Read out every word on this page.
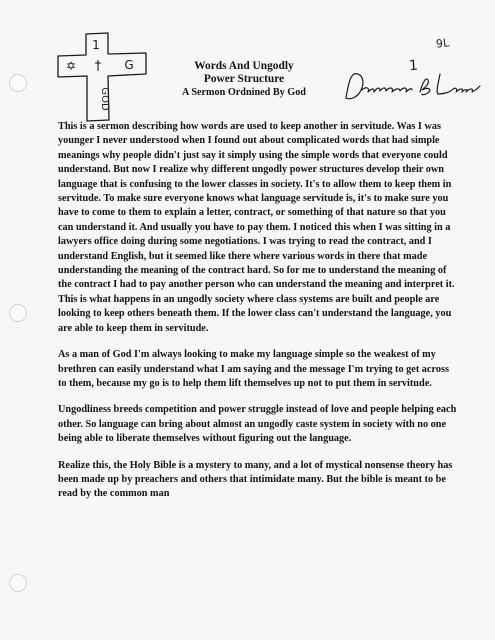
1
†
✡	G
GOD
Words And Ungodly
Power Structure
A Sermon Ordnined By God
9L
1

This is a sermon describing how words are used to keep another in servitude. Was I was younger I never understood when I found out about complicated words that had simple meanings why people didn't just say it simply using the simple words that everyone could understand. But now I realize why different ungodly power structures develop their own language that is confusing to the lower classes in society. It's to allow them to keep them in servitude. To make sure everyone knows what language servitude is, it's to make sure you have to come to them to explain a letter, contract, or something of that nature so that you can understand it. And usually you have to pay them. I noticed this when I was sitting in a lawyers office doing during some negotiations. I was trying to read the contract, and I understand English, but it seemed like there where various words in there that made understanding the meaning of the contract hard. So for me to understand the meaning of the contract I had to pay another person who can understand the meaning and interpret it. This is what happens in an ungodly society where class systems are built and people are looking to keep others beneath them. If the lower class can't understand the language, you are able to keep them in servitude.

As a man of God I'm always looking to make my language simple so the weakest of my brethren can easily understand what I am saying and the message I'm trying to get across to them, because my go is to help them lift themselves up not to put them in servitude.

Ungodliness breeds competition and power struggle instead of love and people helping each other. So language can bring about almost an ungodly caste system in society with no one being able to liberate themselves without figuring out the language.

Realize this, the Holy Bible is a mystery to many, and a lot of mystical nonsense theory has been made up by preachers and others that intimidate many. But the bible is meant to be read by the common man
